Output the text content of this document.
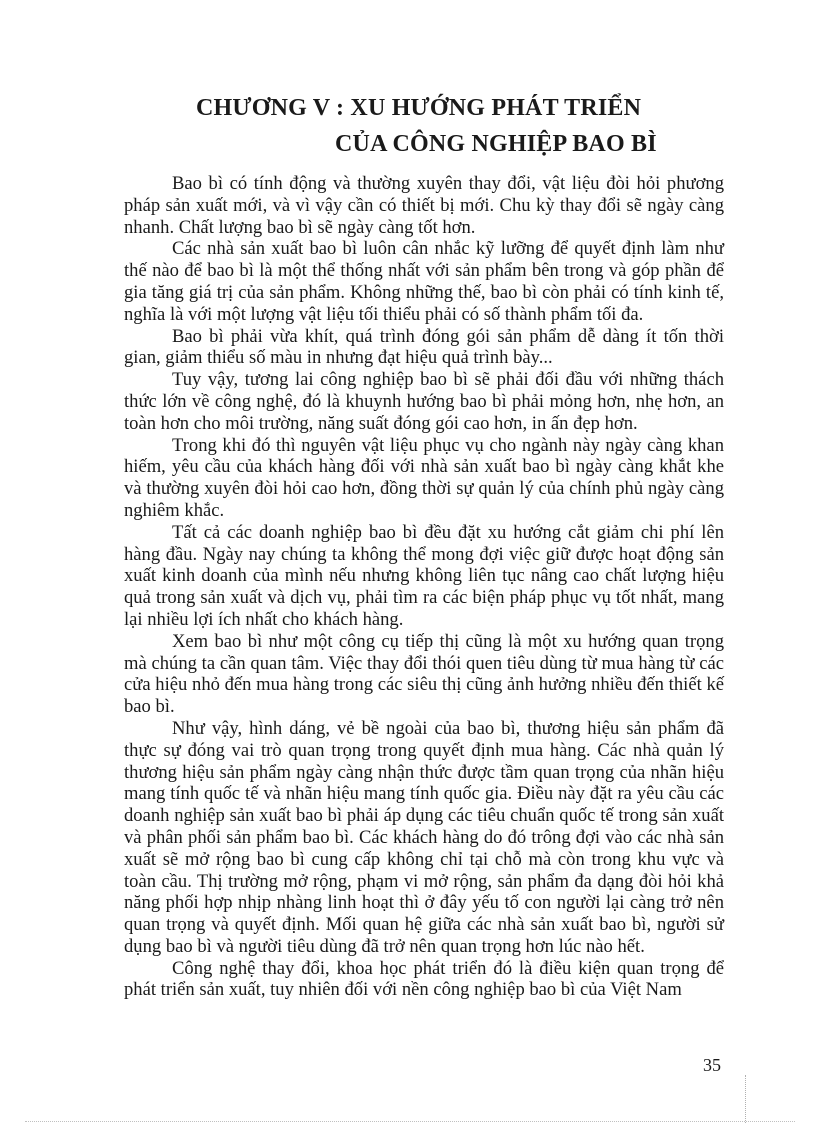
CHƯƠNG V : XU HƯỚNG PHÁT TRIỂN
CỦA CÔNG NGHIỆP BAO BÌ

Bao bì có tính động và thường xuyên thay đổi, vật liệu đòi hỏi phương pháp sản xuất mới, và vì vậy cần có thiết bị mới. Chu kỳ thay đổi sẽ ngày càng nhanh. Chất lượng bao bì sẽ ngày càng tốt hơn.

Các nhà sản xuất bao bì luôn cân nhắc kỹ lưỡng để quyết định làm như thế nào để bao bì là một thể thống nhất với sản phẩm bên trong và góp phần để gia tăng giá trị của sản phẩm. Không những thế, bao bì còn phải có tính kinh tế, nghĩa là với một lượng vật liệu tối thiểu phải có số thành phẩm tối đa.

Bao bì phải vừa khít, quá trình đóng gói sản phẩm dễ dàng ít tốn thời gian, giảm thiểu số màu in nhưng đạt hiệu quả trình bày...

Tuy vậy, tương lai công nghiệp bao bì sẽ phải đối đầu với những thách thức lớn về công nghệ, đó là khuynh hướng bao bì phải mỏng hơn, nhẹ hơn, an toàn hơn cho môi trường, năng suất đóng gói cao hơn, in ấn đẹp hơn.

Trong khi đó thì nguyên vật liệu phục vụ cho ngành này ngày càng khan hiếm, yêu cầu của khách hàng đối với nhà sản xuất bao bì ngày càng khắt khe và thường xuyên đòi hỏi cao hơn, đồng thời sự quản lý của chính phủ ngày càng nghiêm khắc.

Tất cả các doanh nghiệp bao bì đều đặt xu hướng cắt giảm chi phí lên hàng đầu. Ngày nay chúng ta không thể mong đợi việc giữ được hoạt động sản xuất kinh doanh của mình nếu nhưng không liên tục nâng cao chất lượng hiệu quả trong sản xuất và dịch vụ, phải tìm ra các biện pháp phục vụ tốt nhất, mang lại nhiều lợi ích nhất cho khách hàng.

Xem bao bì như một công cụ tiếp thị cũng là một xu hướng quan trọng mà chúng ta cần quan tâm. Việc thay đổi thói quen tiêu dùng từ mua hàng từ các cửa hiệu nhỏ đến mua hàng trong các siêu thị cũng ảnh hưởng nhiều đến thiết kế bao bì.

Như vậy, hình dáng, vẻ bề ngoài của bao bì, thương hiệu sản phẩm đã thực sự đóng vai trò quan trọng trong quyết định mua hàng. Các nhà quản lý thương hiệu sản phẩm ngày càng nhận thức được tầm quan trọng của nhãn hiệu mang tính quốc tế và nhãn hiệu mang tính quốc gia. Điều này đặt ra yêu cầu các doanh nghiệp sản xuất bao bì phải áp dụng các tiêu chuẩn quốc tế trong sản xuất và phân phối sản phẩm bao bì. Các khách hàng do đó trông đợi vào các nhà sản xuất sẽ mở rộng bao bì cung cấp không chỉ tại chỗ mà còn trong khu vực và toàn cầu. Thị trường mở rộng, phạm vi mở rộng, sản phẩm đa dạng đòi hỏi khả năng phối hợp nhịp nhàng linh hoạt thì ở đây yếu tố con người lại càng trở nên quan trọng và quyết định. Mối quan hệ giữa các nhà sản xuất bao bì, người sử dụng bao bì và người tiêu dùng đã trở nên quan trọng hơn lúc nào hết.

Công nghệ thay đổi, khoa học phát triển đó là điều kiện quan trọng để phát triển sản xuất, tuy nhiên đối với nền công nghiệp bao bì của Việt Nam

35
